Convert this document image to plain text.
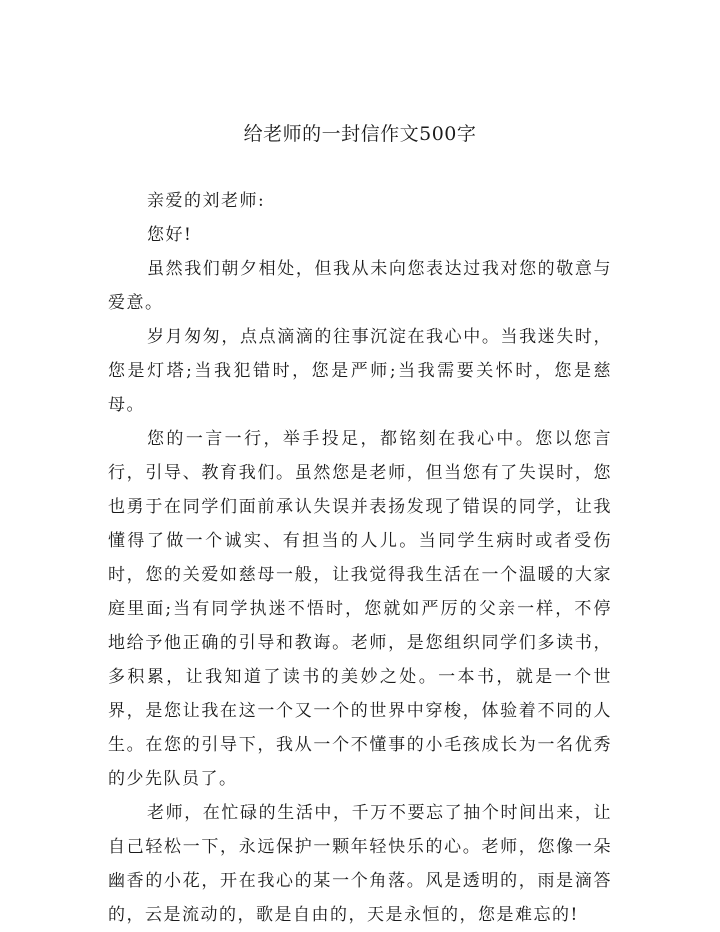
给老师的一封信作文500字

亲爱的刘老师:

您好!

虽然我们朝夕相处，但我从未向您表达过我对您的敬意与爱意。

岁月匆匆，点点滴滴的往事沉淀在我心中。当我迷失时，您是灯塔;当我犯错时，您是严师;当我需要关怀时，您是慈母。

您的一言一行，举手投足，都铭刻在我心中。您以您言行，引导、教育我们。虽然您是老师，但当您有了失误时，您也勇于在同学们面前承认失误并表扬发现了错误的同学，让我懂得了做一个诚实、有担当的人儿。当同学生病时或者受伤时，您的关爱如慈母一般，让我觉得我生活在一个温暖的大家庭里面;当有同学执迷不悟时，您就如严厉的父亲一样，不停地给予他正确的引导和教诲。老师，是您组织同学们多读书，多积累，让我知道了读书的美妙之处。一本书，就是一个世界，是您让我在这一个又一个的世界中穿梭，体验着不同的人生。在您的引导下，我从一个不懂事的小毛孩成长为一名优秀的少先队员了。

老师，在忙碌的生活中，千万不要忘了抽个时间出来，让自己轻松一下，永远保护一颗年轻快乐的心。老师，您像一朵幽香的小花，开在我心的某一个角落。风是透明的，雨是滴答的，云是流动的，歌是自由的，天是永恒的，您是难忘的!
